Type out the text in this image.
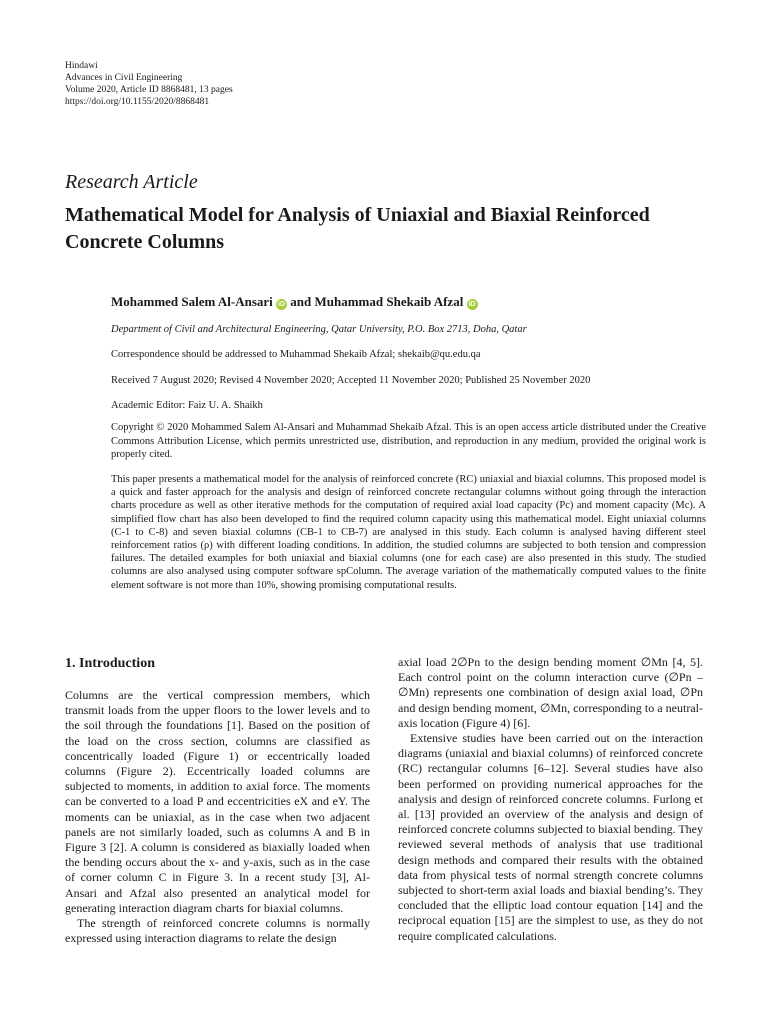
Hindawi
Advances in Civil Engineering
Volume 2020, Article ID 8868481, 13 pages
https://doi.org/10.1155/2020/8868481
Research Article
Mathematical Model for Analysis of Uniaxial and Biaxial Reinforced Concrete Columns
Mohammed Salem Al-Ansari iD and Muhammad Shekaib Afzal iD
Department of Civil and Architectural Engineering, Qatar University, P.O. Box 2713, Doha, Qatar
Correspondence should be addressed to Muhammad Shekaib Afzal; shekaib@qu.edu.qa
Received 7 August 2020; Revised 4 November 2020; Accepted 11 November 2020; Published 25 November 2020
Academic Editor: Faiz U. A. Shaikh
Copyright © 2020 Mohammed Salem Al-Ansari and Muhammad Shekaib Afzal. This is an open access article distributed under the Creative Commons Attribution License, which permits unrestricted use, distribution, and reproduction in any medium, provided the original work is properly cited.
This paper presents a mathematical model for the analysis of reinforced concrete (RC) uniaxial and biaxial columns. This proposed model is a quick and faster approach for the analysis and design of reinforced concrete rectangular columns without going through the interaction charts procedure as well as other iterative methods for the computation of required axial load capacity (Pc) and moment capacity (Mc). A simplified flow chart has also been developed to find the required column capacity using this mathematical model. Eight uniaxial columns (C-1 to C-8) and seven biaxial columns (CB-1 to CB-7) are analysed in this study. Each column is analysed having different steel reinforcement ratios (ρ) with different loading conditions. In addition, the studied columns are subjected to both tension and compression failures. The detailed examples for both uniaxial and biaxial columns (one for each case) are also presented in this study. The studied columns are also analysed using computer software spColumn. The average variation of the mathematically computed values to the finite element software is not more than 10%, showing promising computational results.
1. Introduction

Columns are the vertical compression members, which transmit loads from the upper floors to the lower levels and to the soil through the foundations [1]. Based on the position of the load on the cross section, columns are classified as concentrically loaded (Figure 1) or eccentrically loaded columns (Figure 2). Eccentrically loaded columns are subjected to moments, in addition to axial force. The moments can be converted to a load P and eccentricities eX and eY. The moments can be uniaxial, as in the case when two adjacent panels are not similarly loaded, such as columns A and B in Figure 3 [2]. A column is considered as biaxially loaded when the bending occurs about the x- and y-axis, such as in the case of corner column C in Figure 3. In a recent study [3], Al-Ansari and Afzal also presented an analytical model for generating interaction diagram charts for biaxial columns.

The strength of reinforced concrete columns is normally expressed using interaction diagrams to relate the design

axial load 2∅Pn to the design bending moment ∅Mn [4, 5]. Each control point on the column interaction curve (∅Pn – ∅Mn) represents one combination of design axial load, ∅Pn and design bending moment, ∅Mn, corresponding to a neutral-axis location (Figure 4) [6].

Extensive studies have been carried out on the interaction diagrams (uniaxial and biaxial columns) of reinforced concrete (RC) rectangular columns [6–12]. Several studies have also been performed on providing numerical approaches for the analysis and design of reinforced concrete columns. Furlong et al. [13] provided an overview of the analysis and design of reinforced concrete columns subjected to biaxial bending. They reviewed several methods of analysis that use traditional design methods and compared their results with the obtained data from physical tests of normal strength concrete columns subjected to short-term axial loads and biaxial bending’s. They concluded that the elliptic load contour equation [14] and the reciprocal equation [15] are the simplest to use, as they do not require complicated calculations.
